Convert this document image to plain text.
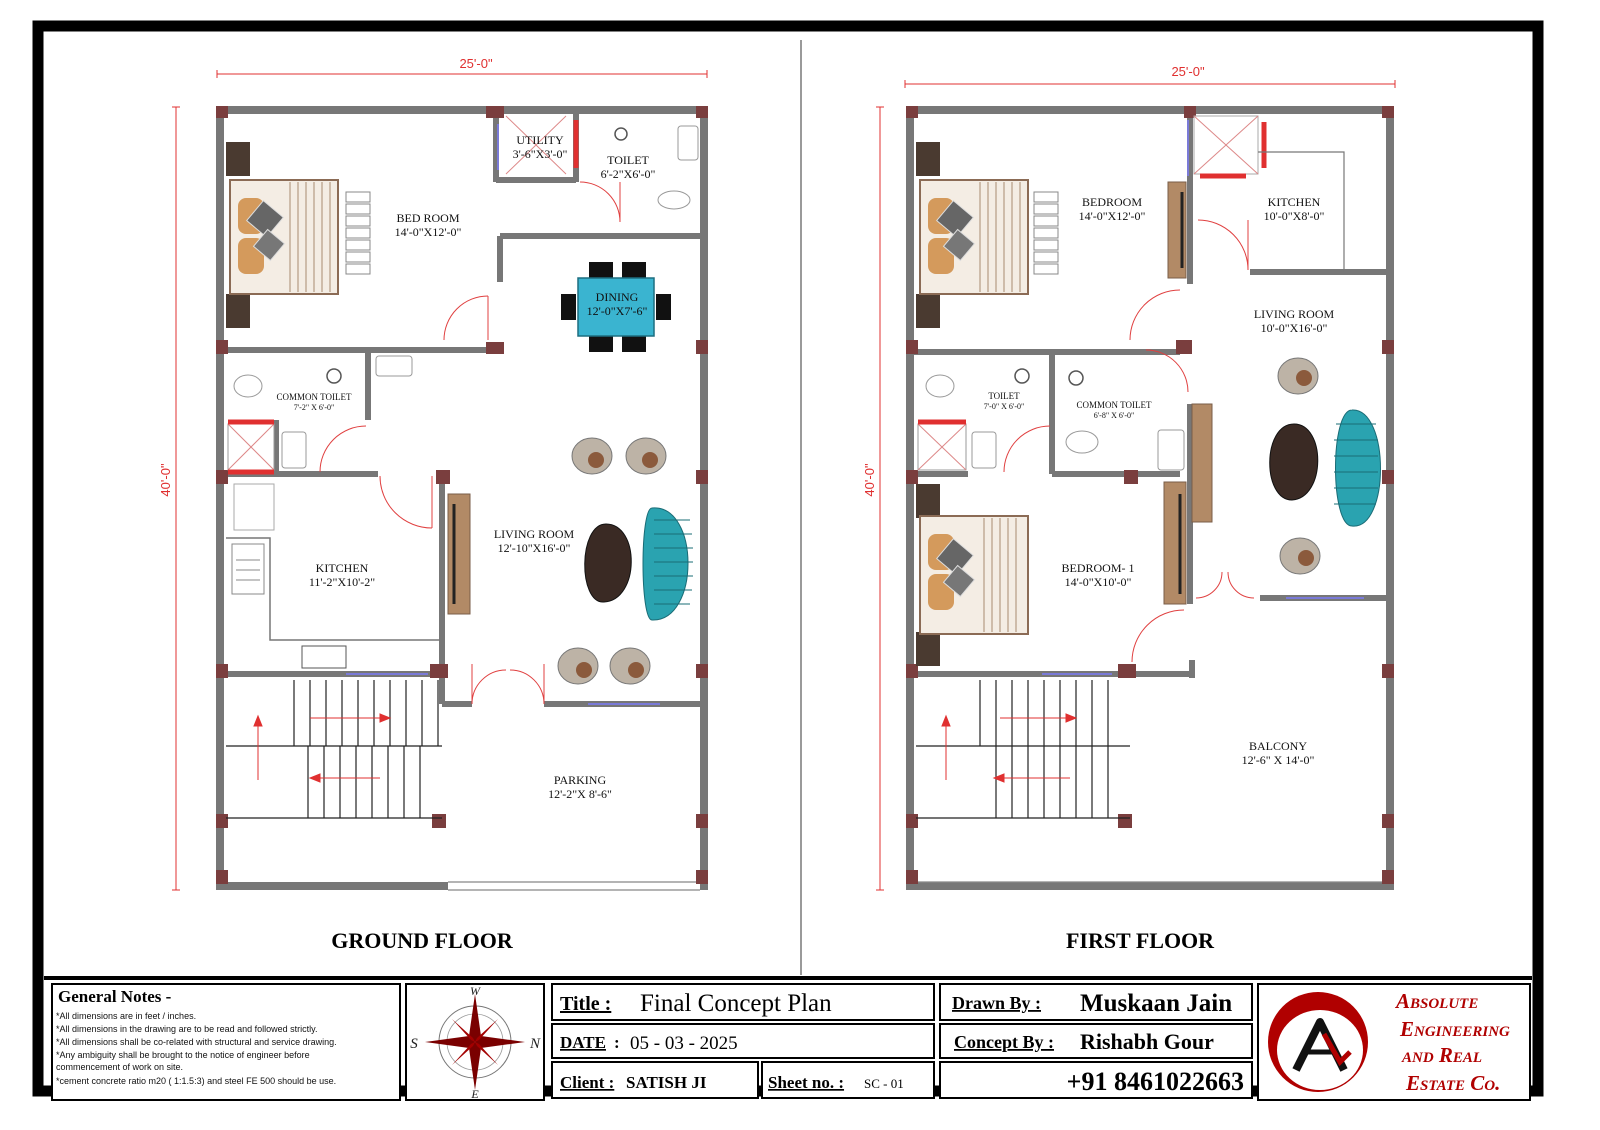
25'-0"
40'-0"
BED ROOM
14'-0"X12'-0"
UTILITY
3'-6"X3'-0"	TOILET
6'-2"X6'-0"
DINING
12'-0"X7'-6"
COMMON TOILET
7'-2" X 6'-0"
LIVING ROOM
12'-10"X16'-0"
KITCHEN
11'-2"X10'-2"
PARKING
12'-2"X 8'-6"
GROUND FLOOR
25'-0"
40'-0"
BEDROOM
14'-0"X12'-0"
KITCHEN
10'-0"X8'-0"
LIVING ROOM
10'-0"X16'-0"
TOILET
7'-0" X 6'-0"	COMMON TOILET
6'-8" X 6'-0"
BEDROOM- 1
14'-0"X10'-0"
BALCONY
12'-6" X 14'-0"
FIRST FLOOR
General Notes -
*All dimensions are in feet / inches.
*All dimensions in the drawing are to be read and followed strictly.
*All dimensions shall be co-related with structural and service drawing.
*Any ambiguity shall be brought to the notice of engineer before
commencement of work on site.
*cement concrete ratio m20 ( 1:1.5:3) and steel FE 500 should be use.
W
S	N
E
Title : Final Concept Plan
DATE : 05 - 03 - 2025
Client : SATISH JI	Sheet no. : SC - 01
Drawn By : Muskaan Jain
Concept By : Rishabh Gour
+91 8461022663
Absolute
Engineering
and Real
Estate Co.
